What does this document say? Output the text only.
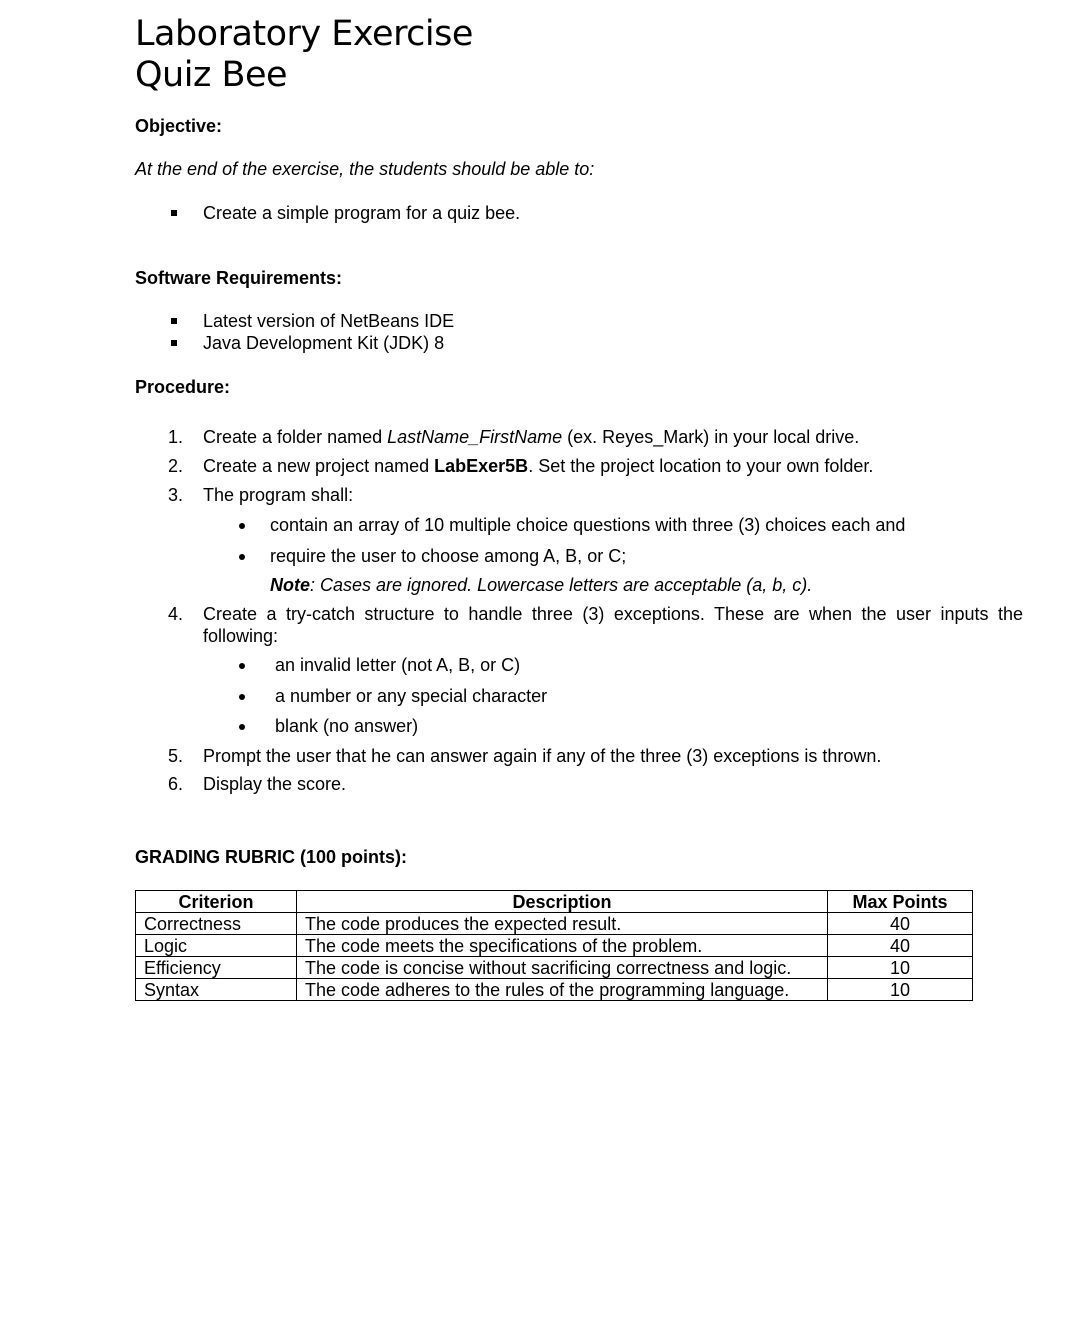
Laboratory Exercise
Quiz Bee

Objective:

At the end of the exercise, the students should be able to:

Create a simple program for a quiz bee.

Software Requirements:

Latest version of NetBeans IDE

Java Development Kit (JDK) 8

Procedure:

1. Create a folder named LastName_FirstName (ex. Reyes_Mark) in your local drive.

2. Create a new project named LabExer5B. Set the project location to your own folder.

3. The program shall:

contain an array of 10 multiple choice questions with three (3) choices each and

require the user to choose among A, B, or C;

Note: Cases are ignored. Lowercase letters are acceptable (a, b, c).

4. Create a try-catch structure to handle three (3) exceptions. These are when the user inputs the

following:

an invalid letter (not A, B, or C)

a number or any special character

blank (no answer)

5. Prompt the user that he can answer again if any of the three (3) exceptions is thrown.

6. Display the score.

GRADING RUBRIC (100 points):

Criterion	Description	Max Points
Correctness	The code produces the expected result.	40
Logic	The code meets the specifications of the problem.	40
Efficiency	The code is concise without sacrificing correctness and logic.	10
Syntax	The code adheres to the rules of the programming language.	10
